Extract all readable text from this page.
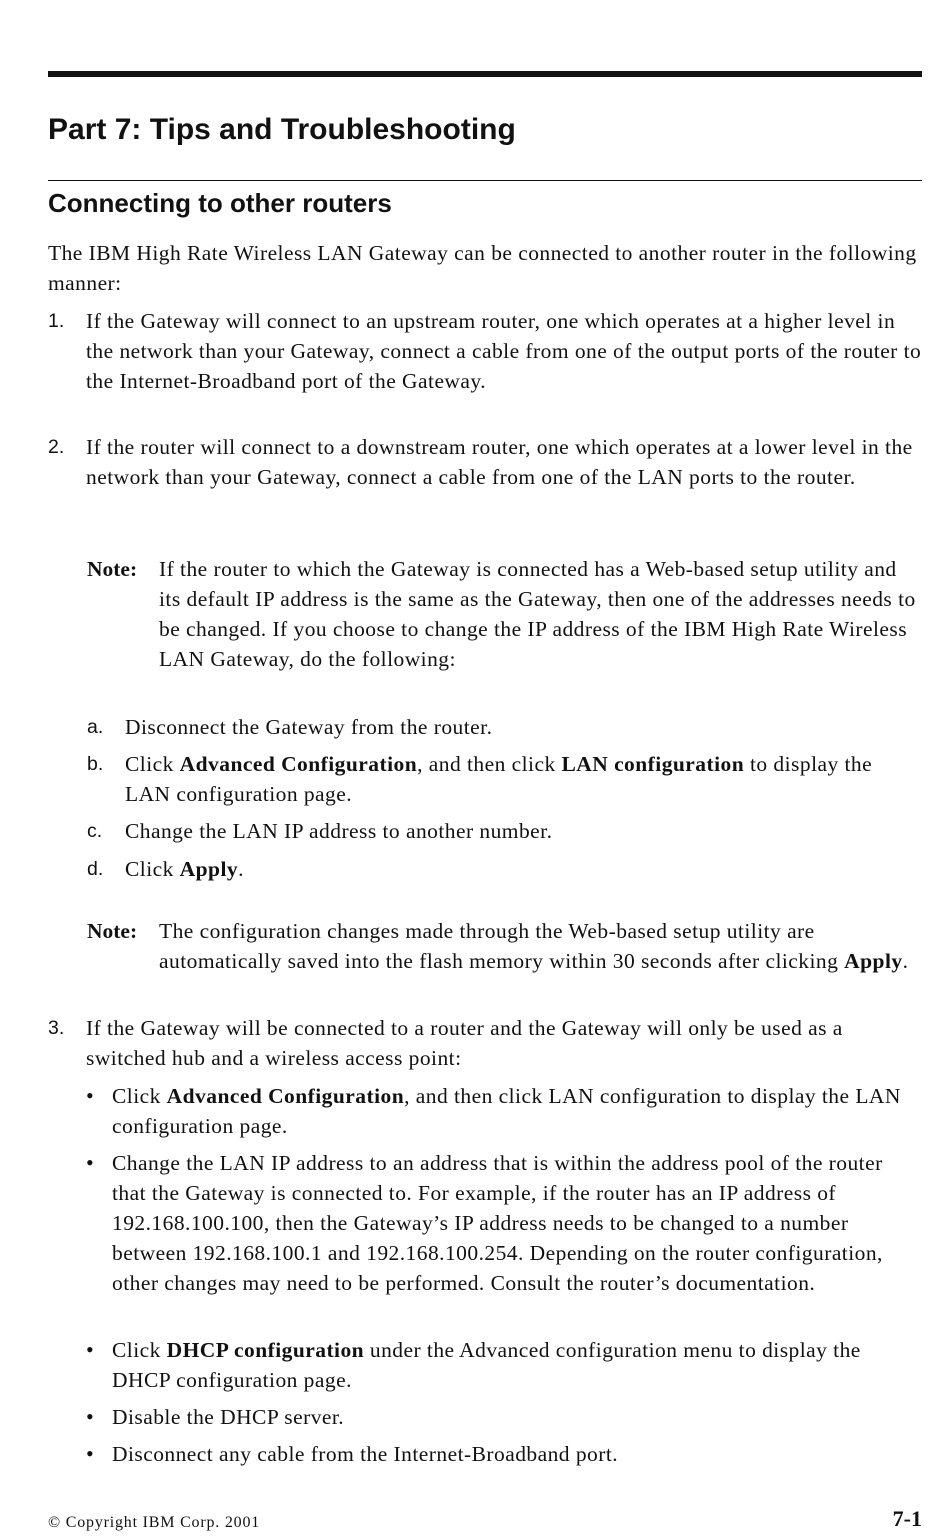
Part 7: Tips and Troubleshooting
Connecting to other routers

The IBM High Rate Wireless LAN Gateway can be connected to another router in the following manner:

1. If the Gateway will connect to an upstream router, one which operates at a higher level in the network than your Gateway, connect a cable from one of the output ports of the router to the Internet-Broadband port of the Gateway.

2. If the router will connect to a downstream router, one which operates at a lower level in the network than your Gateway, connect a cable from one of the LAN ports to the router.

Note: If the router to which the Gateway is connected has a Web-based setup utility and its default IP address is the same as the Gateway, then one of the addresses needs to be changed. If you choose to change the IP address of the IBM High Rate Wireless LAN Gateway, do the following:

a. Disconnect the Gateway from the router.

b. Click Advanced Configuration, and then click LAN configuration to display the LAN configuration page.

c. Change the LAN IP address to another number.

d. Click Apply.

Note: The configuration changes made through the Web-based setup utility are automatically saved into the flash memory within 30 seconds after clicking Apply.

3. If the Gateway will be connected to a router and the Gateway will only be used as a switched hub and a wireless access point:

• Click Advanced Configuration, and then click LAN configuration to display the LAN configuration page.

• Change the LAN IP address to an address that is within the address pool of the router that the Gateway is connected to. For example, if the router has an IP address of 192.168.100.100, then the Gateway’s IP address needs to be changed to a number between 192.168.100.1 and 192.168.100.254. Depending on the router configuration, other changes may need to be performed. Consult the router’s documentation.

• Click DHCP configuration under the Advanced configuration menu to display the DHCP configuration page.

• Disable the DHCP server.

• Disconnect any cable from the Internet-Broadband port.

© Copyright IBM Corp. 2001	7-1
